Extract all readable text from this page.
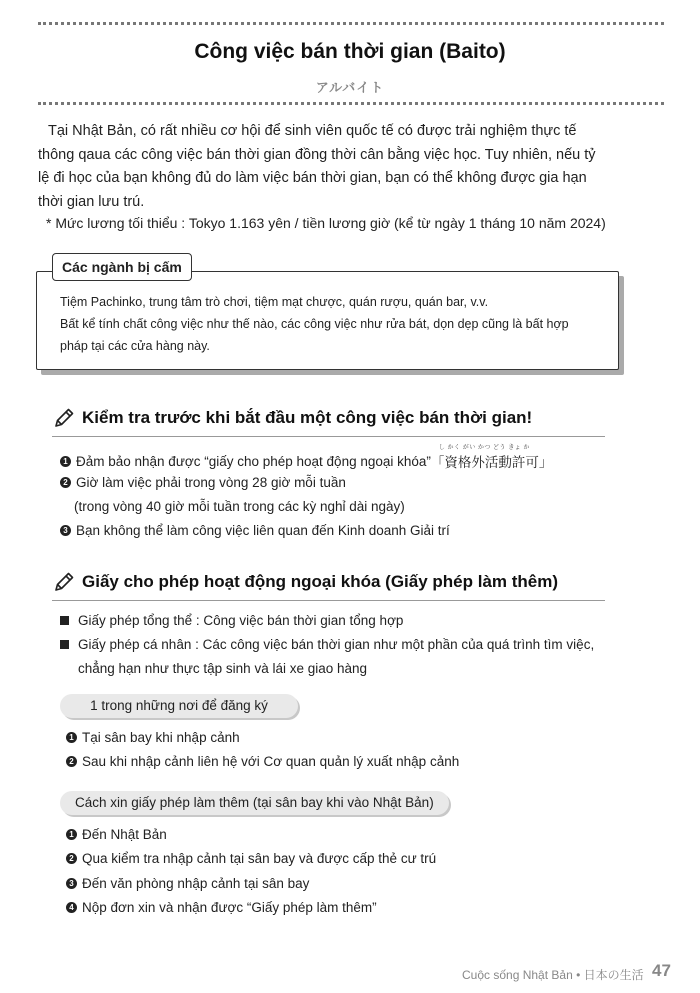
Công việc bán thời gian (Baito)
アルバイト
Tại Nhật Bản, có rất nhiều cơ hội để sinh viên quốc tế có được trải nghiệm thực tế
thông qaua các công việc bán thời gian đồng thời cân bằng việc học. Tuy nhiên, nếu tỷ
lệ đi học của bạn không đủ do làm việc bán thời gian, bạn có thể không được gia hạn
thời gian lưu trú.
* Mức lương tối thiểu : Tokyo 1.163 yên / tiền lương giờ (kể từ ngày 1 tháng 10 năm 2024)
Các ngành bị cấm
Tiệm Pachinko, trung tâm trò chơi, tiệm mạt chược, quán rượu, quán bar, v.v.
Bất kể tính chất công việc như thế nào, các công việc như rửa bát, dọn dẹp cũng là bất hợp
pháp tại các cửa hàng này.
Kiểm tra trước khi bắt đầu một công việc bán thời gian!
1 Đảm bảo nhận được “giấy cho phép hoạt động ngoại khóa”
し かく がい かつ どう きょ か
「資格外活動許可」
2 Giờ làm việc phải trong vòng 28 giờ mỗi tuần
(trong vòng 40 giờ mỗi tuần trong các kỳ nghỉ dài ngày)
3 Bạn không thể làm công việc liên quan đến Kinh doanh Giải trí
Giấy cho phép hoạt động ngoại khóa (Giấy phép làm thêm)
Giấy phép tổng thể : Công việc bán thời gian tổng hợp
Giấy phép cá nhân : Các công việc bán thời gian như một phần của quá trình tìm việc,
chẳng hạn như thực tập sinh và lái xe giao hàng
1 trong những nơi để đăng ký
1 Tại sân bay khi nhập cảnh
2 Sau khi nhập cảnh liên hệ với Cơ quan quản lý xuất nhập cảnh
Cách xin giấy phép làm thêm (tại sân bay khi vào Nhật Bản)
1 Đến Nhật Bản
2 Qua kiểm tra nhập cảnh tại sân bay và được cấp thẻ cư trú
3 Đến văn phòng nhập cảnh tại sân bay
4 Nộp đơn xin và nhận được “Giấy phép làm thêm”
Cuộc sống Nhật Bản • 日本の生活 47
